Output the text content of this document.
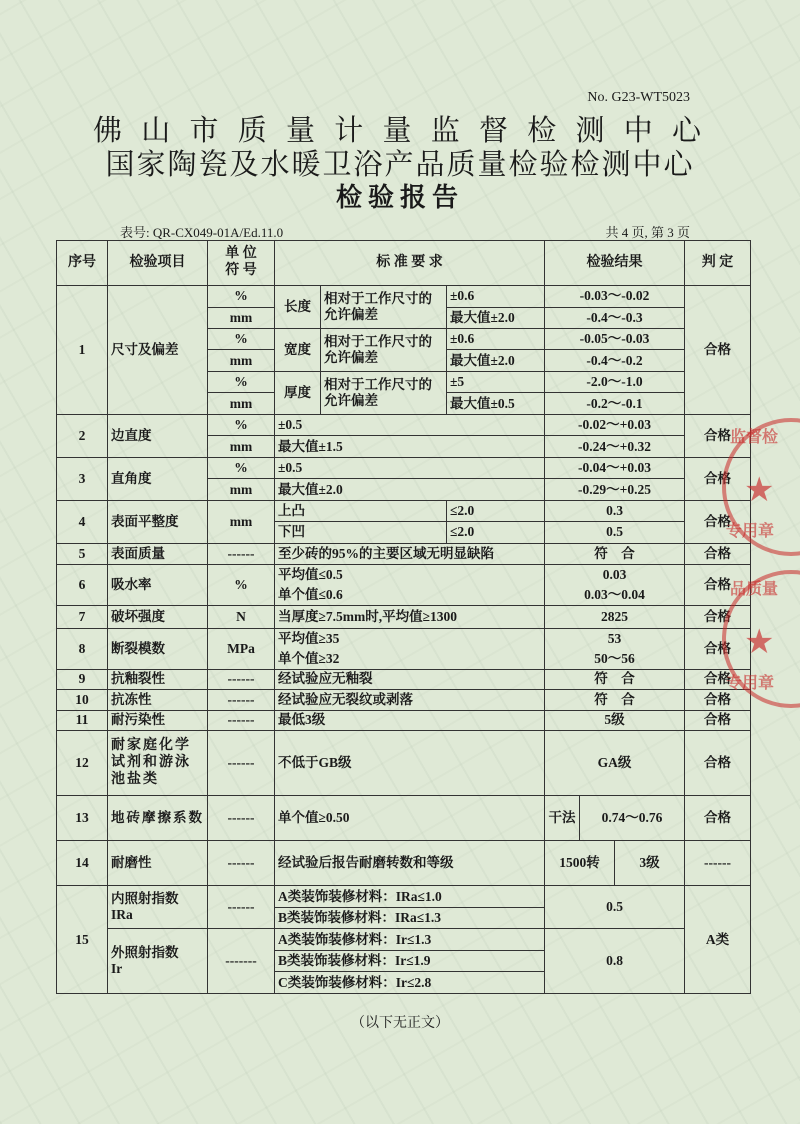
No. G23-WT5023
佛 山 市 质 量 计 量 监 督 检 测 中 心
国家陶瓷及水暖卫浴产品质量检验检测中心
检验报告
表号: QR-CX049-01A/Ed.11.0	共 4 页, 第 3 页
序号	检验项目	单 位
符 号	标 准 要 求			检验结果			判 定
1	尺寸及偏差	%	长度	相对于工作尺寸的允许偏差	±0.6	-0.03～-0.02			合格
		mm			最大值±2.0	-0.4～-0.3			
		%	宽度	相对于工作尺寸的允许偏差	±0.6	-0.05～-0.03			
		mm			最大值±2.0	-0.4～-0.2			
		%	厚度	相对于工作尺寸的允许偏差	±5	-2.0～-1.0			
		mm			最大值±0.5	-0.2～-0.1			
2	边直度	%	±0.5			-0.02～+0.03			合格
		mm	最大值±1.5			-0.24～+0.32			
3	直角度	%	±0.5			-0.04～+0.03			合格
		mm	最大值±2.0			-0.29～+0.25			
4	表面平整度	mm	上凸		≤2.0	0.3			合格
			下凹		≤2.0	0.5			
5	表面质量	------	至少砖的95%的主要区域无明显缺陷			符　合			合格
6	吸水率	%	平均值≤0.5			0.03			合格
			单个值≤0.6			0.03～0.04			
7	破坏强度	N	当厚度≥7.5mm时,平均值≥1300			2825			合格
8	断裂模数	MPa	平均值≥35			53			合格
			单个值≥32			50～56			
9	抗釉裂性	------	经试验应无釉裂			符　合			合格
10	抗冻性	------	经试验应无裂纹或剥落			符　合			合格
11	耐污染性	------	最低3级			5级			合格
12	耐家庭化学试剂和游泳池盐类	------	不低于GB级			GA级			合格
13	地砖摩擦系数	------	单个值≥0.50			干法	0.74～0.76		合格
14	耐磨性	------	经试验后报告耐磨转数和等级			1500转		3级	------
15	内照射指数
IRa	------	A类装饰装修材料：IRa≤1.0			0.5			A类
			B类装饰装修材料：IRa≤1.3						
	外照射指数
Ir	-------	A类装饰装修材料：Ir≤1.3			0.8			
			B类装饰装修材料：Ir≤1.9						
			C类装饰装修材料：Ir≤2.8						
（以下无正文）
监督检
★
专用章
品质量
★
专用章
